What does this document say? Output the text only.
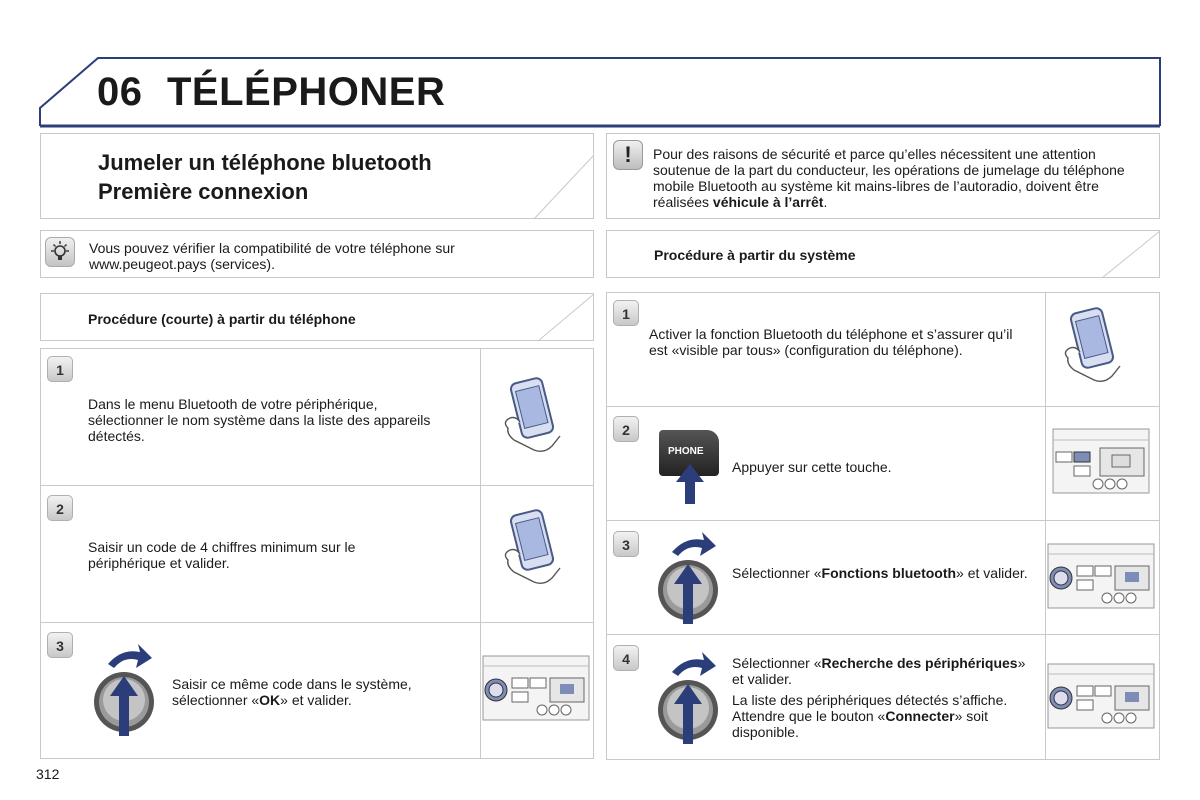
06 TÉLÉPHONER
Jumeler un téléphone bluetooth
Première connexion
!	Pour des raisons de sécurité et parce qu’elles nécessitent une attention soutenue de la part du conducteur, les opérations de jumelage du téléphone mobile Bluetooth au système kit mains-libres de l’autoradio, doivent être réalisées véhicule à l’arrêt.
Vous pouvez vérifier la compatibilité de votre téléphone sur www.peugeot.pays (services).
Procédure à partir du système
Procédure (courte) à partir du téléphone
1
Dans le menu Bluetooth de votre périphérique, sélectionner le nom système dans la liste des appareils détectés.
2
Saisir un code de 4 chiffres minimum sur le périphérique et valider.
3
Saisir ce même code dans le système, sélectionner «OK» et valider.
1
Activer la fonction Bluetooth du téléphone et s’assurer qu’il est «visible par tous» (configuration du téléphone).
2
PHONE
Appuyer sur cette touche.
3
Sélectionner «Fonctions bluetooth» et valider.
4	Sélectionner «Recherche des périphériques» et valider.
La liste des périphériques détectés s’affiche. Attendre que le bouton «Connecter» soit disponible.
312
